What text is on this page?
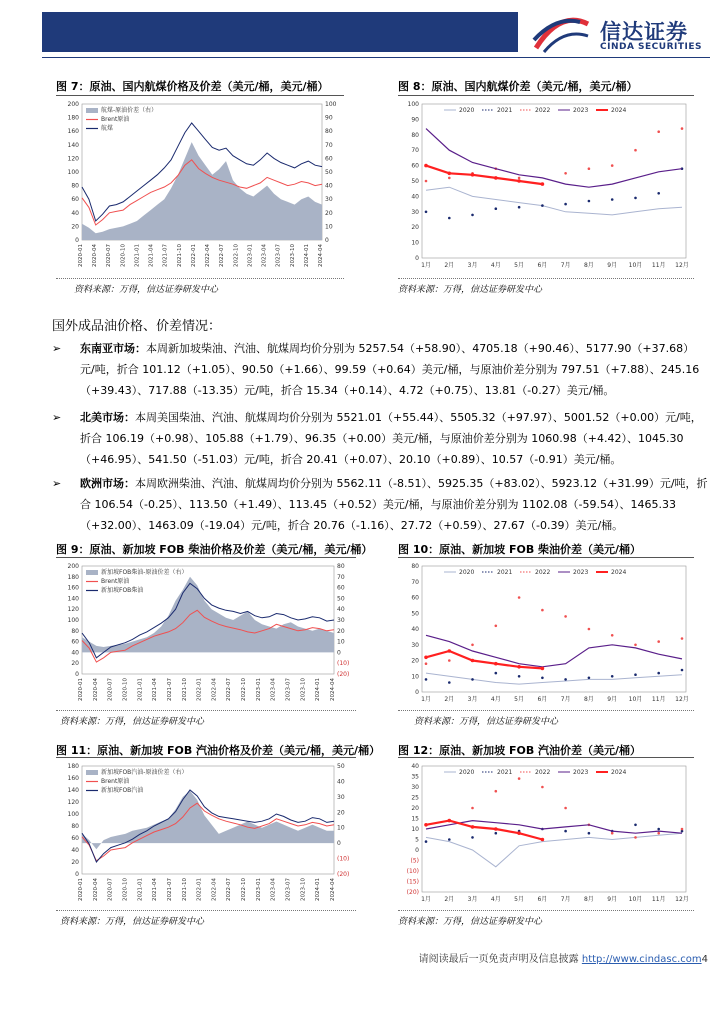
信达证券
CINDA SECURITIES
图 7：原油、国内航煤价格及价差（美元/桶，美元/桶）	图 8：原油、国内航煤价差（美元/桶，美元/桶）
0
20
40
60
80
100
120
140
160
180
200
0
10
20
30
40
50
60
70
80
90
100
航煤-原油价差（右）
Brent原油
航煤
2020-01 2020-04 2020-07 2020-10 2021-01 2021-04 2021-07 2021-10 2022-01 2022-04 2022-07 2022-10 2023-01 2023-04 2023-07 2023-10 2024-01 2024-04	0
10
20
30
40
50
60
70
80
90
100
1月 2月 3月 4月 5月 6月 7月 8月 9月 10月 11月 12月
2020	2021	2022	2023	2024
资料来源：万得，信达证券研发中心	资料来源：万得，信达证券研发中心
国外成品油价格、价差情况：
➢ 东南亚市场：本周新加坡柴油、汽油、航煤周均价分别为 5257.54（+58.90）、4705.18（+90.46）、5177.90（+37.68）元/吨，折合 101.12（+1.05）、90.50（+1.66）、99.59（+0.64）美元/桶，与原油价差分别为 797.51（+7.88）、245.16（+39.43）、717.88（-13.35）元/吨，折合 15.34（+0.14）、4.72（+0.75）、13.81（-0.27）美元/桶。
➢ 北美市场：本周美国柴油、汽油、航煤周均价分别为 5521.01（+55.44）、5505.32（+97.97）、5001.52（+0.00）元/吨，折合 106.19（+0.98）、105.88（+1.79）、96.35（+0.00）美元/桶，与原油价差分别为 1060.98（+4.42）、1045.30（+46.95）、541.50（-51.03）元/吨，折合 20.41（+0.07）、20.10（+0.89）、10.57（-0.91）美元/桶。
➢ 欧洲市场：本周欧洲柴油、汽油、航煤周均价分别为 5562.11（-8.51）、5925.35（+83.02）、5923.12（+31.99）元/吨，折合 106.54（-0.25）、113.50（+1.49）、113.45（+0.52）美元/桶，与原油价差分别为 1102.08（-59.54）、1465.33（+32.00）、1463.09（-19.04）元/吨，折合 20.76（-1.16）、27.72（+0.59）、27.67（-0.39）美元/桶。
图 9：原油、新加坡 FOB 柴油价格及价差（美元/桶，美元/桶） 图 10：原油、新加坡 FOB 柴油价差（美元/桶）
0
20
40
60
80
100
120
140
160
180
200
(20)
(10)
0
10
20
30
40
50
60
70
80
新加坡FOB柴油-原油价差（右）
Brent原油
新加坡FOB柴油
2020-01 2020-04 2020-07 2020-10 2021-01 2021-04 2021-07 2021-10 2022-01 2022-04 2022-07 2022-10 2023-01 2023-04 2023-07 2023-10 2024-01 2024-04	0
10
20
30
40
50
60
70
80
1月 2月 3月 4月 5月 6月 7月 8月 9月 10月 11月 12月
2020	2021	2022	2023	2024
资料来源：万得，信达证券研发中心	资料来源：万得，信达证券研发中心
图 11：原油、新加坡 FOB 汽油价格及价差（美元/桶，美元/桶） 图 12：原油、新加坡 FOB 汽油价差（美元/桶）
0
20
40
60
80
100
120
140
160
180
(20)
(10)
0
10
20
30
40
50
新加坡FOB汽油-原油价差（右）
Brent原油
新加坡FOB汽油
2020-01 2020-04 2020-07 2020-10 2021-01 2021-04 2021-07 2021-10 2022-01 2022-04 2022-07 2022-10 2023-01 2023-04 2023-07 2023-10 2024-01 2024-04	(20)
(15)
(10)
(5)
0
5
10
15
20
25
30
35
40
1月 2月 3月 4月 5月 6月 7月 8月 9月 10月 11月 12月
2020	2021	2022	2023	2024
资料来源：万得，信达证券研发中心	资料来源：万得，信达证券研发中心
请阅读最后一页免责声明及信息披露 http://www.cindasc.com4
